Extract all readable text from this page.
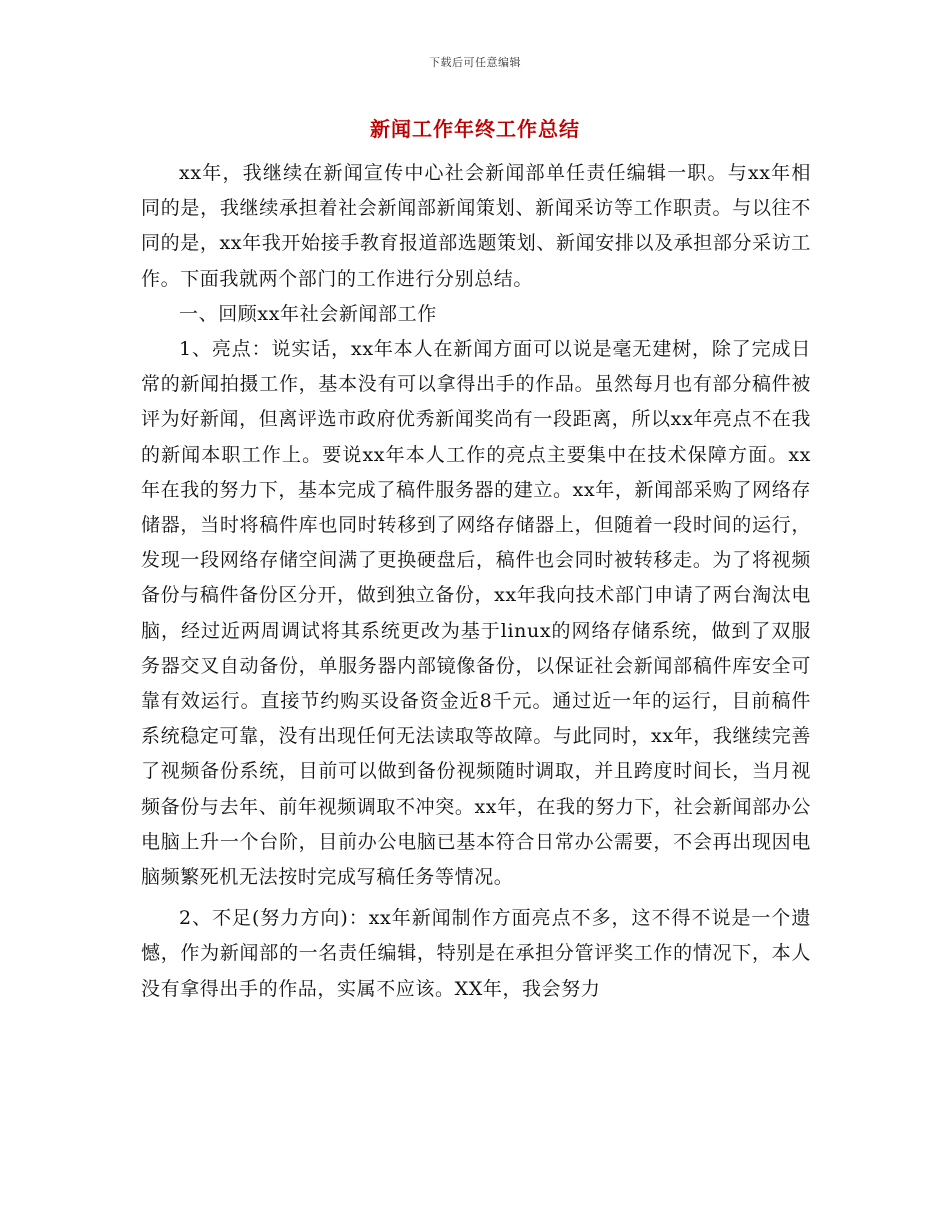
下载后可任意编辑
新闻工作年终工作总结

xx年，我继续在新闻宣传中心社会新闻部单任责任编辑一职。与xx年相同的是，我继续承担着社会新闻部新闻策划、新闻采访等工作职责。与以往不同的是，xx年我开始接手教育报道部选题策划、新闻安排以及承担部分采访工作。下面我就两个部门的工作进行分别总结。

一、回顾xx年社会新闻部工作

1、亮点：说实话，xx年本人在新闻方面可以说是毫无建树，除了完成日常的新闻拍摄工作，基本没有可以拿得出手的作品。虽然每月也有部分稿件被评为好新闻，但离评选市政府优秀新闻奖尚有一段距离，所以xx年亮点不在我的新闻本职工作上。要说xx年本人工作的亮点主要集中在技术保障方面。xx年在我的努力下，基本完成了稿件服务器的建立。xx年，新闻部采购了网络存储器，当时将稿件库也同时转移到了网络存储器上，但随着一段时间的运行，发现一段网络存储空间满了更换硬盘后，稿件也会同时被转移走。为了将视频备份与稿件备份区分开，做到独立备份，xx年我向技术部门申请了两台淘汰电脑，经过近两周调试将其系统更改为基于linux的网络存储系统，做到了双服务器交叉自动备份，单服务器内部镜像备份，以保证社会新闻部稿件库安全可靠有效运行。直接节约购买设备资金近8千元。通过近一年的运行，目前稿件系统稳定可靠，没有出现任何无法读取等故障。与此同时，xx年，我继续完善了视频备份系统，目前可以做到备份视频随时调取，并且跨度时间长，当月视频备份与去年、前年视频调取不冲突。xx年，在我的努力下，社会新闻部办公电脑上升一个台阶，目前办公电脑已基本符合日常办公需要，不会再出现因电脑频繁死机无法按时完成写稿任务等情况。

2、不足(努力方向)：xx年新闻制作方面亮点不多，这不得不说是一个遗憾，作为新闻部的一名责任编辑，特别是在承担分管评奖工作的情况下，本人没有拿得出手的作品，实属不应该。XX年，我会努力
